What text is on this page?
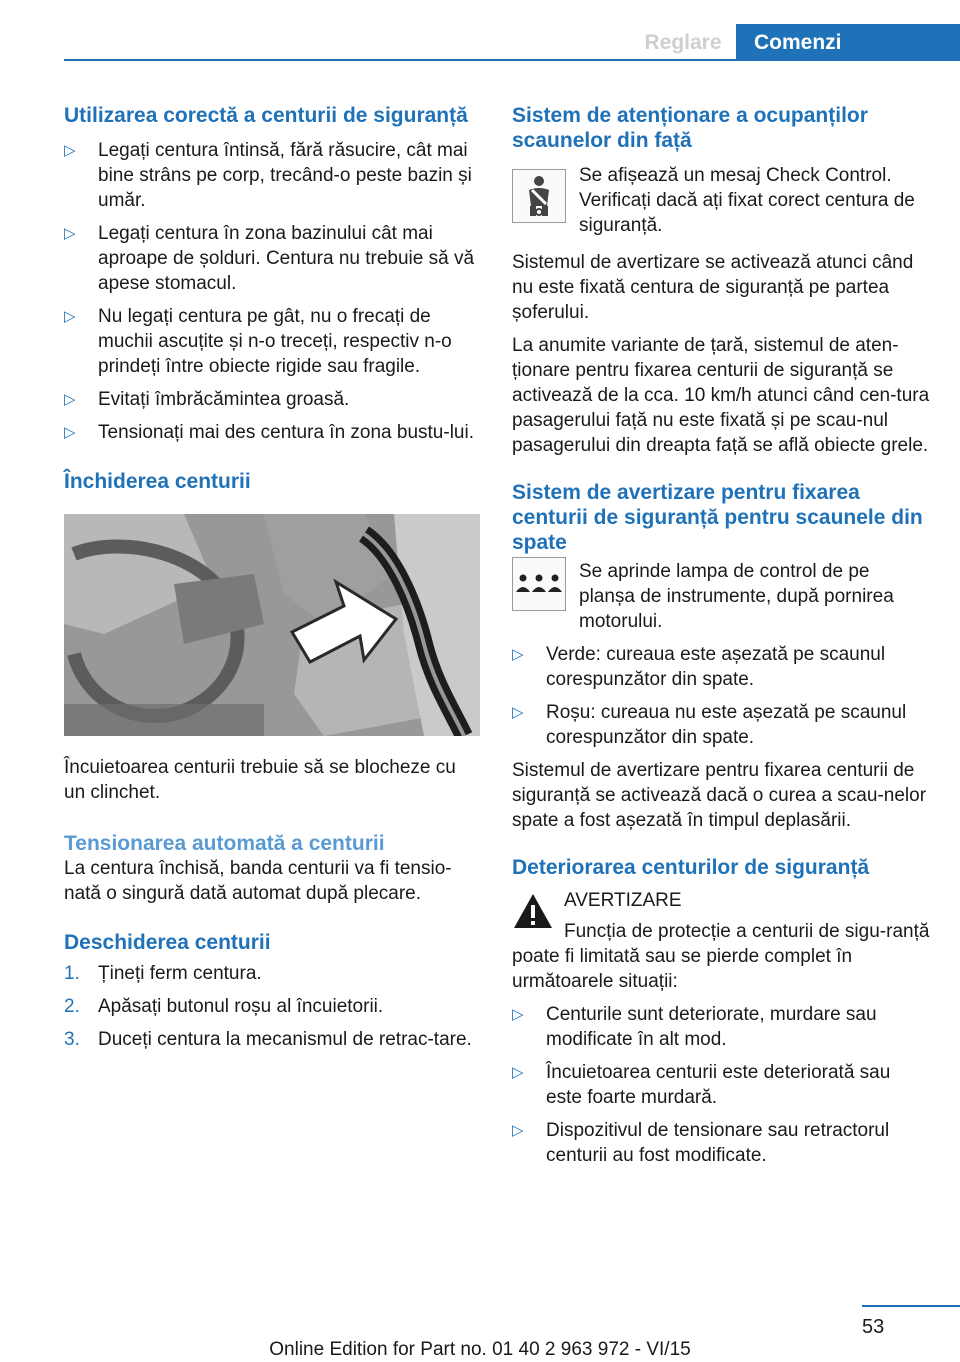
Reglare	Comenzi
Utilizarea corectă a centurii de siguranță
▷ Legați centura întinsă, fără răsucire, cât mai bine strâns pe corp, trecând-o peste bazin și umăr.
▷ Legați centura în zona bazinului cât mai aproape de șolduri. Centura nu trebuie să vă apese stomacul.
▷ Nu legați centura pe gât, nu o frecați de muchii ascuțite și n-o treceți, respectiv n-o prindeți între obiecte rigide sau fragile.
▷ Evitați îmbrăcămintea groasă.
▷ Tensionați mai des centura în zona bustu‐lui.
Închiderea centurii
Încuietoarea centurii trebuie să se blocheze cu un clinchet.
Tensionarea automată a centurii
La centura închisă, banda centurii va fi tensio‐nată o singură dată automat după plecare.
Deschiderea centurii
1. Țineți ferm centura.
2. Apăsați butonul roșu al încuietorii.
3. Duceți centura la mecanismul de retrac‐tare.
Sistem de atenționare a ocupanților scaunelor din față
Se afișează un mesaj Check Control. Verificați dacă ați fixat corect centura de siguranță.
Sistemul de avertizare se activează atunci când nu este fixată centura de siguranță pe partea șoferului.
La anumite variante de țară, sistemul de aten‐ționare pentru fixarea centurii de siguranță se activează de la cca. 10 km/h atunci când cen‐tura pasagerului față nu este fixată și pe scau‐nul pasagerului din dreapta față se află obiecte grele.
Sistem de avertizare pentru fixarea centurii de siguranță pentru scaunele din spate
Se aprinde lampa de control de pe planșa de instrumente, după pornirea motorului.
▷ Verde: cureaua este așezată pe scaunul corespunzător din spate.
▷ Roșu: cureaua nu este așezată pe scaunul corespunzător din spate.
Sistemul de avertizare pentru fixarea centurii de siguranță se activează dacă o curea a scau‐nelor spate a fost așezată în timpul deplasării.
Deteriorarea centurilor de siguranță
AVERTIZARE
Funcția de protecție a centurii de sigu‐ranță poate fi limitată sau se pierde complet în următoarele situații:
▷ Centurile sunt deteriorate, murdare sau modificate în alt mod.
▷ Încuietoarea centurii este deteriorată sau este foarte murdară.
▷ Dispozitivul de tensionare sau retractorul centurii au fost modificate.
53
Online Edition for Part no. 01 40 2 963 972 - VI/15
